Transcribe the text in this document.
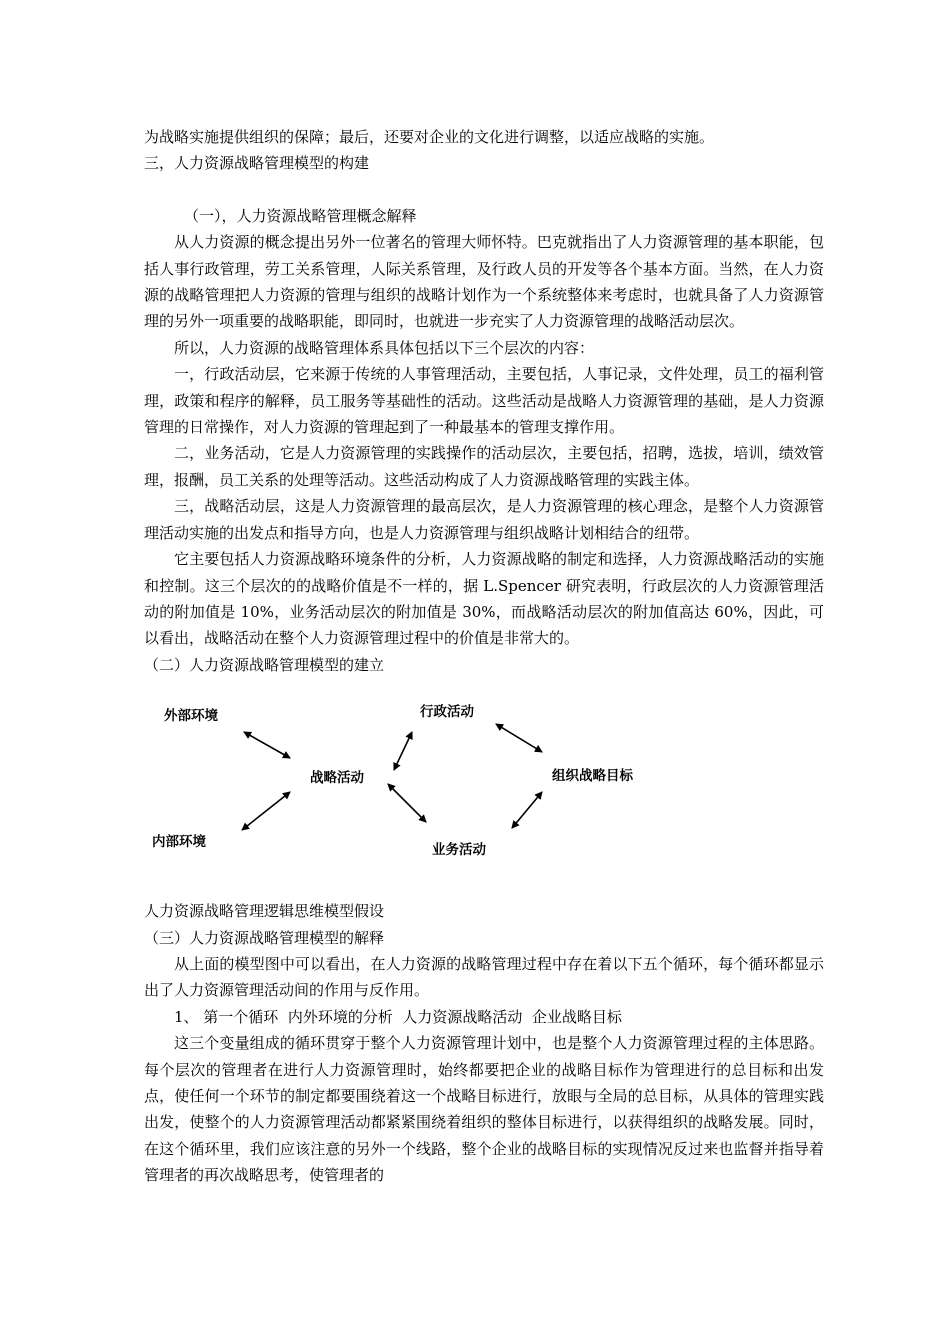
为战略实施提供组织的保障；最后，还要对企业的文化进行调整，以适应战略的实施。

三，人力资源战略管理模型的构建

（一），人力资源战略管理概念解释

从人力资源的概念提出另外一位著名的管理大师怀特。巴克就指出了人力资源管理的基本职能，包括人事行政管理，劳工关系管理，人际关系管理，及行政人员的开发等各个基本方面。当然，在人力资源的战略管理把人力资源的管理与组织的战略计划作为一个系统整体来考虑时，也就具备了人力资源管理的另外一项重要的战略职能，即同时，也就进一步充实了人力资源管理的战略活动层次。

所以，人力资源的战略管理体系具体包括以下三个层次的内容：

一，行政活动层，它来源于传统的人事管理活动，主要包括，人事记录，文件处理，员工的福利管理，政策和程序的解释，员工服务等基础性的活动。这些活动是战略人力资源管理的基础，是人力资源管理的日常操作，对人力资源的管理起到了一种最基本的管理支撑作用。

二，业务活动，它是人力资源管理的实践操作的活动层次，主要包括，招聘，选拔，培训，绩效管理，报酬，员工关系的处理等活动。这些活动构成了人力资源战略管理的实践主体。

三，战略活动层，这是人力资源管理的最高层次，是人力资源管理的核心理念，是整个人力资源管理活动实施的出发点和指导方向，也是人力资源管理与组织战略计划相结合的纽带。

它主要包括人力资源战略环境条件的分析，人力资源战略的制定和选择，人力资源战略活动的实施和控制。这三个层次的的战略价值是不一样的，据 L.Spencer 研究表明，行政层次的人力资源管理活动的附加值是 10%，业务活动层次的附加值是 30%，而战略活动层次的附加值高达 60%，因此，可以看出，战略活动在整个人力资源管理过程中的价值是非常大的。

（二）人力资源战略管理模型的建立

外部环境	行政活动
战略活动	组织战略目标
内部环境	业务活动

人力资源战略管理逻辑思维模型假设

（三）人力资源战略管理模型的解释

从上面的模型图中可以看出，在人力资源的战略管理过程中存在着以下五个循环，每个循环都显示出了人力资源管理活动间的作用与反作用。

1、 第一个循环  内外环境的分析  人力资源战略活动  企业战略目标

这三个变量组成的循环贯穿于整个人力资源管理计划中，也是整个人力资源管理过程的主体思路。每个层次的管理者在进行人力资源管理时，始终都要把企业的战略目标作为管理进行的总目标和出发点，使任何一个环节的制定都要围绕着这一个战略目标进行，放眼与全局的总目标，从具体的管理实践出发，使整个的人力资源管理活动都紧紧围绕着组织的整体目标进行，以获得组织的战略发展。同时，在这个循环里，我们应该注意的另外一个线路，整个企业的战略目标的实现情况反过来也监督并指导着管理者的再次战略思考，使管理者的
